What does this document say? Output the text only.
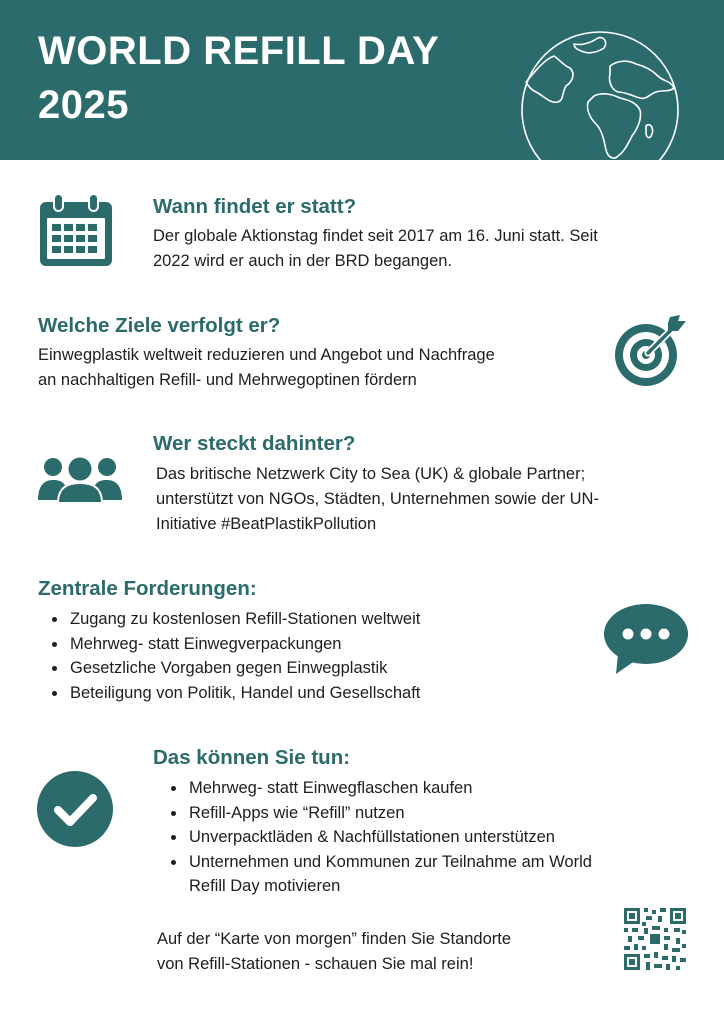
WORLD REFILL DAY
2025
Wann findet er statt?

Der globale Aktionstag findet seit 2017 am 16. Juni statt. Seit
2022 wird er auch in der BRD begangen.

Welche Ziele verfolgt er?

Einwegplastik weltweit reduzieren und Angebot und Nachfrage
an nachhaltigen Refill- und Mehrwegoptinen fördern

Wer steckt dahinter?

Das britische Netzwerk City to Sea (UK) & globale Partner;
unterstützt von NGOs, Städten, Unternehmen sowie der UN-
Initiative #BeatPlastikPollution

Zentrale Forderungen:
• Zugang zu kostenlosen Refill-Stationen weltweit
• Mehrweg- statt Einwegverpackungen
• Gesetzliche Vorgaben gegen Einwegplastik
• Beteiligung von Politik, Handel und Gesellschaft
Das können Sie tun:
• Mehrweg- statt Einwegflaschen kaufen
• Refill-Apps wie “Refill” nutzen
• Unverpacktläden & Nachfüllstationen unterstützen
• Unternehmen und Kommunen zur Teilnahme am World
Refill Day motivieren

Auf der “Karte von morgen” finden Sie Standorte
von Refill-Stationen - schauen Sie mal rein!
